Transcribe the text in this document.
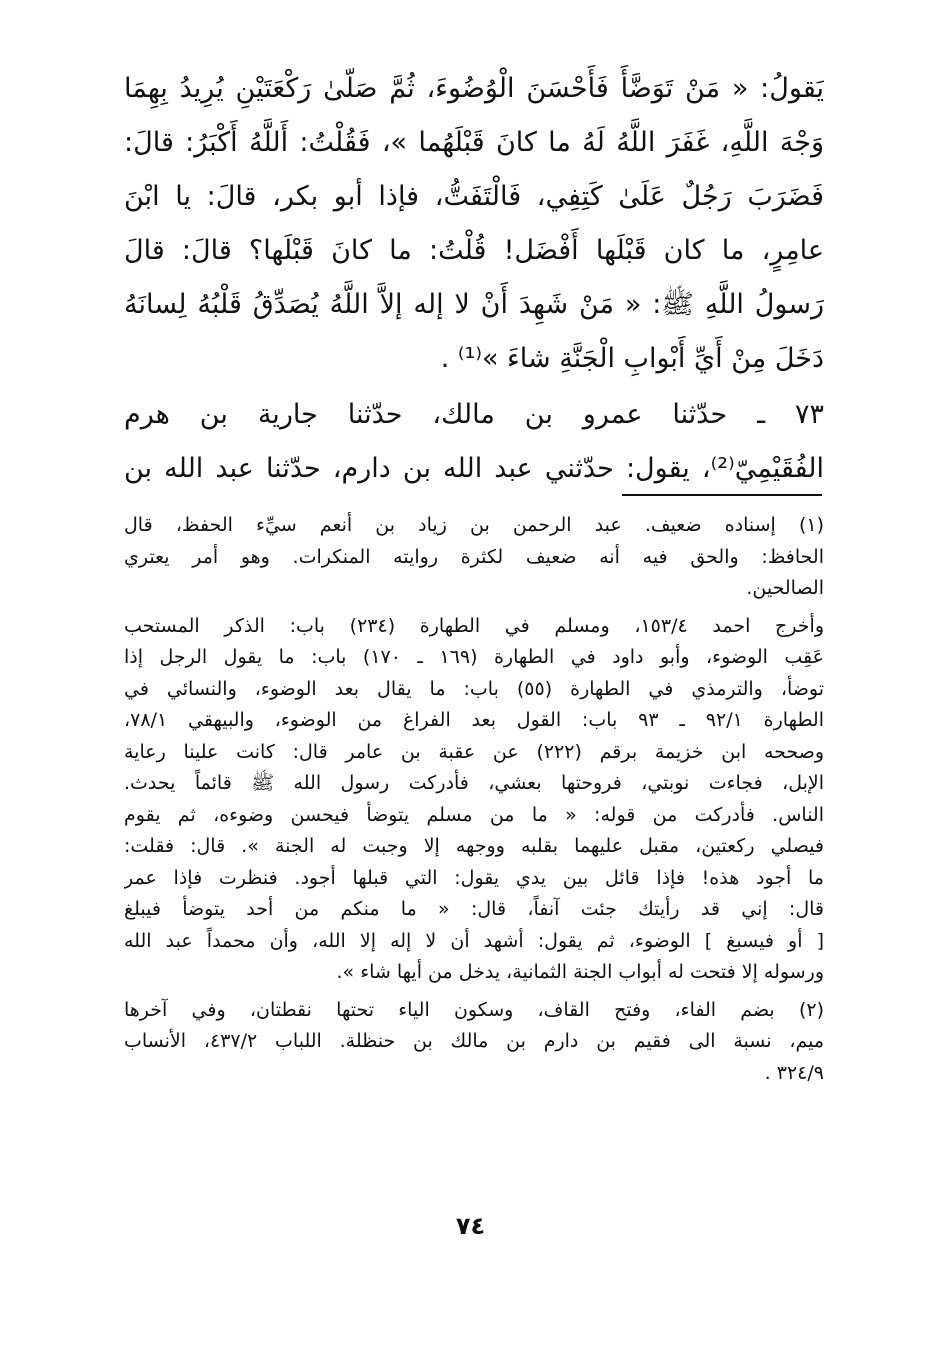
يَقولُ: « مَنْ تَوَضَّأَ فَأَحْسَنَ الْوُضُوءَ، ثُمَّ صَلّىٰ رَكْعَتَيْنِ يُرِيدُ بِهِمَا
وَجْهَ اللَّهِ، غَفَرَ اللَّهُ لَهُ ما كانَ قَبْلَهُما »، فَقُلْتُ: أَللَّهُ أَكْبَرُ: قالَ:
فَضَرَبَ رَجُلٌ عَلَىٰ كَتِفِي، فَالْتَفَتُّ، فإذا أبو بكر، قالَ: يا ابْنَ
عامِرٍ، ما كان قَبْلَها أَفْضَل! قُلْتُ: ما كانَ قَبْلَها؟ قالَ: قالَ
رَسولُ اللَّهِ ﷺ: « مَنْ شَهِدَ أَنْ لا إله إلاَّ اللَّهُ يُصَدِّقُ قَلْبُهُ لِسانَهُ
دَخَلَ مِنْ أَيِّ أَبْوابِ الْجَنَّةِ شاءَ »⁽¹⁾ .
٧٣ ـ حدّثنا عمرو بن مالك، حدّثنا جارية بن هرم
الفُقَيْمِيّ⁽²⁾، يقول: حدّثني عبد الله بن دارم، حدّثنا عبد الله بن
(١) إسناده ضعيف. عبد الرحمن بن زياد بن أنعم سيِّء الحفظ، قال
الحافظ: والحق فيه أنه ضعيف لكثرة روايته المنكرات. وهو أمر يعتري
الصالحين.
وأخرج احمد ١٥٣/٤، ومسلم في الطهارة (٢٣٤) باب: الذكر المستحب
عَقِب الوضوء، وأبو داود في الطهارة (١٦٩ ـ ١٧٠) باب: ما يقول الرجل إذا
توضأ، والترمذي في الطهارة (٥٥) باب: ما يقال بعد الوضوء، والنسائي في
الطهارة ٩٢/١ ـ ٩٣ باب: القول بعد الفراغ من الوضوء، والبيهقي ٧٨/١،
وصححه ابن خزيمة برقم (٢٢٢) عن عقبة بن عامر قال: كانت علينا رعاية
الإبل، فجاءت نوبتي، فروحتها بعشي، فأدركت رسول الله ﷺ قائماً يحدث.
الناس. فأدركت من قوله: « ما من مسلم يتوضأ فيحسن وضوءه، ثم يقوم
فيصلي ركعتين، مقبل عليهما بقلبه ووجهه إلا وجبت له الجنة ». قال: فقلت:
ما أجود هذه! فإذا قائل بين يدي يقول: التي قبلها أجود. فنظرت فإذا عمر
قال: إني قد رأيتك جئت آنفاً، قال: « ما منكم من أحد يتوضأ فيبلغ
[ أو فيسبغ ] الوضوء، ثم يقول: أشهد أن لا إله إلا الله، وأن محمداً عبد الله
ورسوله إلا فتحت له أبواب الجنة الثمانية، يدخل من أيها شاء ».
(٢) بضم الفاء، وفتح القاف، وسكون الياء تحتها نقطتان، وفي آخرها
ميم، نسبة الى فقيم بن دارم بن مالك بن حنظلة. اللباب ٤٣٧/٢، الأنساب
٣٢٤/٩ .
٧٤
